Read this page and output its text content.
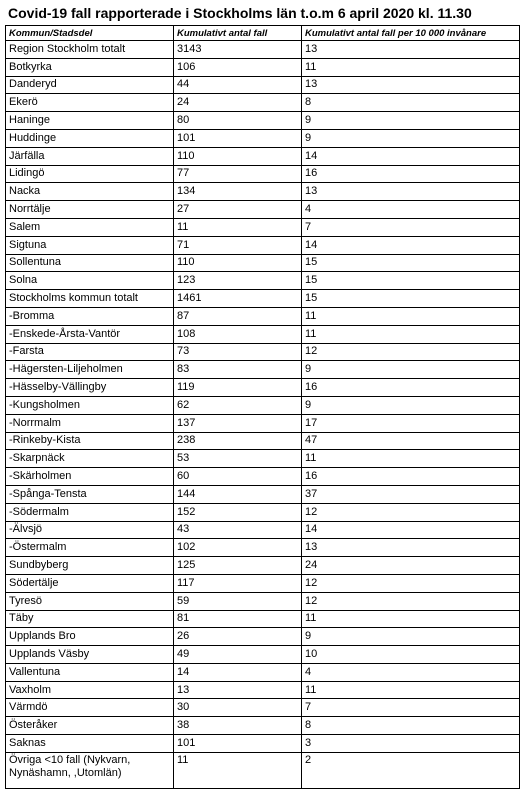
Covid-19 fall rapporterade i Stockholms län t.o.m 6 april 2020 kl. 11.30
Kommun/Stadsdel	Kumulativt antal fall	Kumulativt antal fall per 10 000 invånare
Region Stockholm totalt	3143	13
Botkyrka	106	11
Danderyd	44	13
Ekerö	24	8
Haninge	80	9
Huddinge	101	9
Järfälla	110	14
Lidingö	77	16
Nacka	134	13
Norrtälje	27	4
Salem	11	7
Sigtuna	71	14
Sollentuna	110	15
Solna	123	15
Stockholms kommun totalt	1461	15
-Bromma	87	11
-Enskede-Årsta-Vantör	108	11
-Farsta	73	12
-Hägersten-Liljeholmen	83	9
-Hässelby-Vällingby	119	16
-Kungsholmen	62	9
-Norrmalm	137	17
-Rinkeby-Kista	238	47
-Skarpnäck	53	11
-Skärholmen	60	16
-Spånga-Tensta	144	37
-Södermalm	152	12
-Älvsjö	43	14
-Östermalm	102	13
Sundbyberg	125	24
Södertälje	117	12
Tyresö	59	12
Täby	81	11
Upplands Bro	26	9
Upplands Väsby	49	10
Vallentuna	14	4
Vaxholm	13	11
Värmdö	30	7
Österåker	38	8
Saknas	101	3
Övriga <10 fall (Nykvarn, Nynäshamn, ,Utomlän)	11	2
